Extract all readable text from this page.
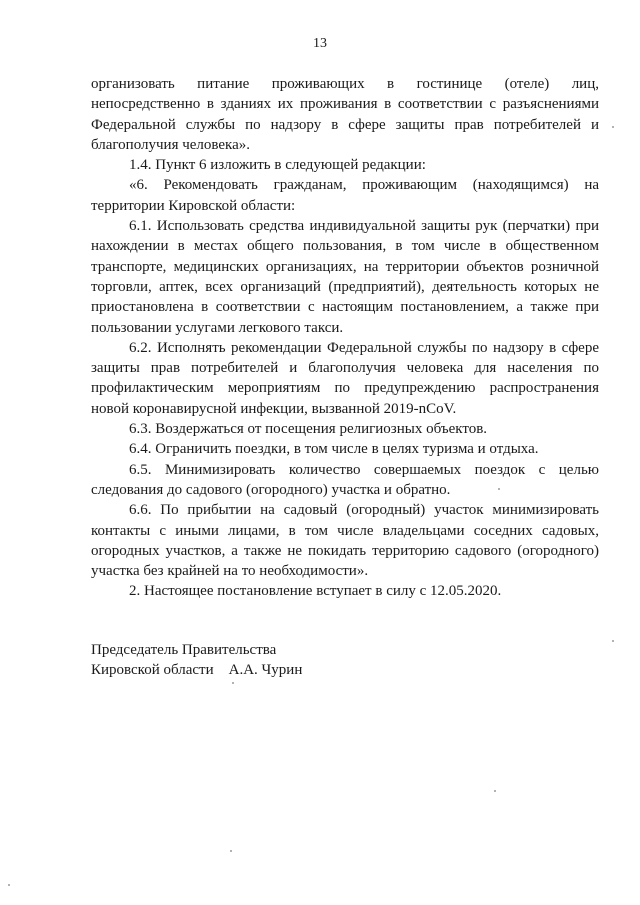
13

организовать питание проживающих в гостинице (отеле) лиц, непосредственно в зданиях их проживания в соответствии с разъяснениями Федеральной службы по надзору в сфере защиты прав потребителей и благополучия человека».

1.4. Пункт 6 изложить в следующей редакции:

«6. Рекомендовать гражданам, проживающим (находящимся) на территории Кировской области:

6.1. Использовать средства индивидуальной защиты рук (перчатки) при нахождении в местах общего пользования, в том числе в общественном транспорте, медицинских организациях, на территории объектов розничной торговли, аптек, всех организаций (предприятий), деятельность которых не приостановлена в соответствии с настоящим постановлением, а также при пользовании услугами легкового такси.

6.2. Исполнять рекомендации Федеральной службы по надзору в сфере защиты прав потребителей и благополучия человека для населения по профилактическим мероприятиям по предупреждению распространения новой коронавирусной инфекции, вызванной 2019-nCoV.

6.3. Воздержаться от посещения религиозных объектов.

6.4. Ограничить поездки, в том числе в целях туризма и отдыха.

6.5. Минимизировать количество совершаемых поездок с целью следования до садового (огородного) участка и обратно.

6.6. По прибытии на садовый (огородный) участок минимизировать контакты с иными лицами, в том числе владельцами соседних садовых, огородных участков, а также не покидать территорию садового (огородного) участка без крайней на то необходимости».

2. Настоящее постановление вступает в силу с 12.05.2020.

Председатель Правительства

Кировской области    А.А. Чурин
